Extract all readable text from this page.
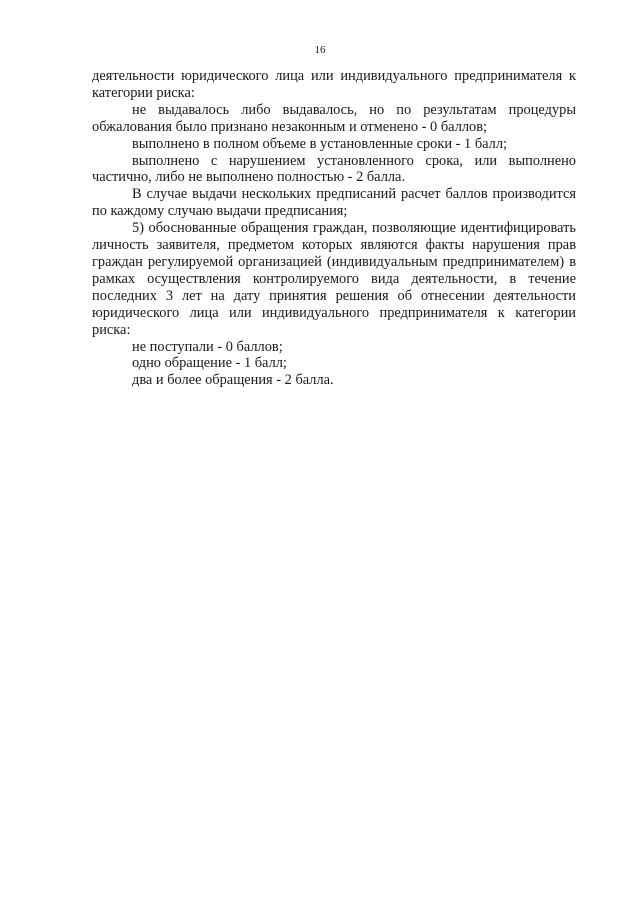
16

деятельности юридического лица или индивидуального предпринимателя к категории риска:

не выдавалось либо выдавалось, но по результатам процедуры обжалования было признано незаконным и отменено - 0 баллов;

выполнено в полном объеме в установленные сроки - 1 балл;

выполнено с нарушением установленного срока, или выполнено частично, либо не выполнено полностью - 2 балла.

В случае выдачи нескольких предписаний расчет баллов производится по каждому случаю выдачи предписания;

5) обоснованные обращения граждан, позволяющие идентифицировать личность заявителя, предметом которых являются факты нарушения прав граждан регулируемой организацией (индивидуальным предпринимателем) в рамках осуществления контролируемого вида деятельности, в течение последних 3 лет на дату принятия решения об отнесении деятельности юридического лица или индивидуального предпринимателя к категории риска:

не поступали - 0 баллов;

одно обращение - 1 балл;

два и более обращения - 2 балла.
